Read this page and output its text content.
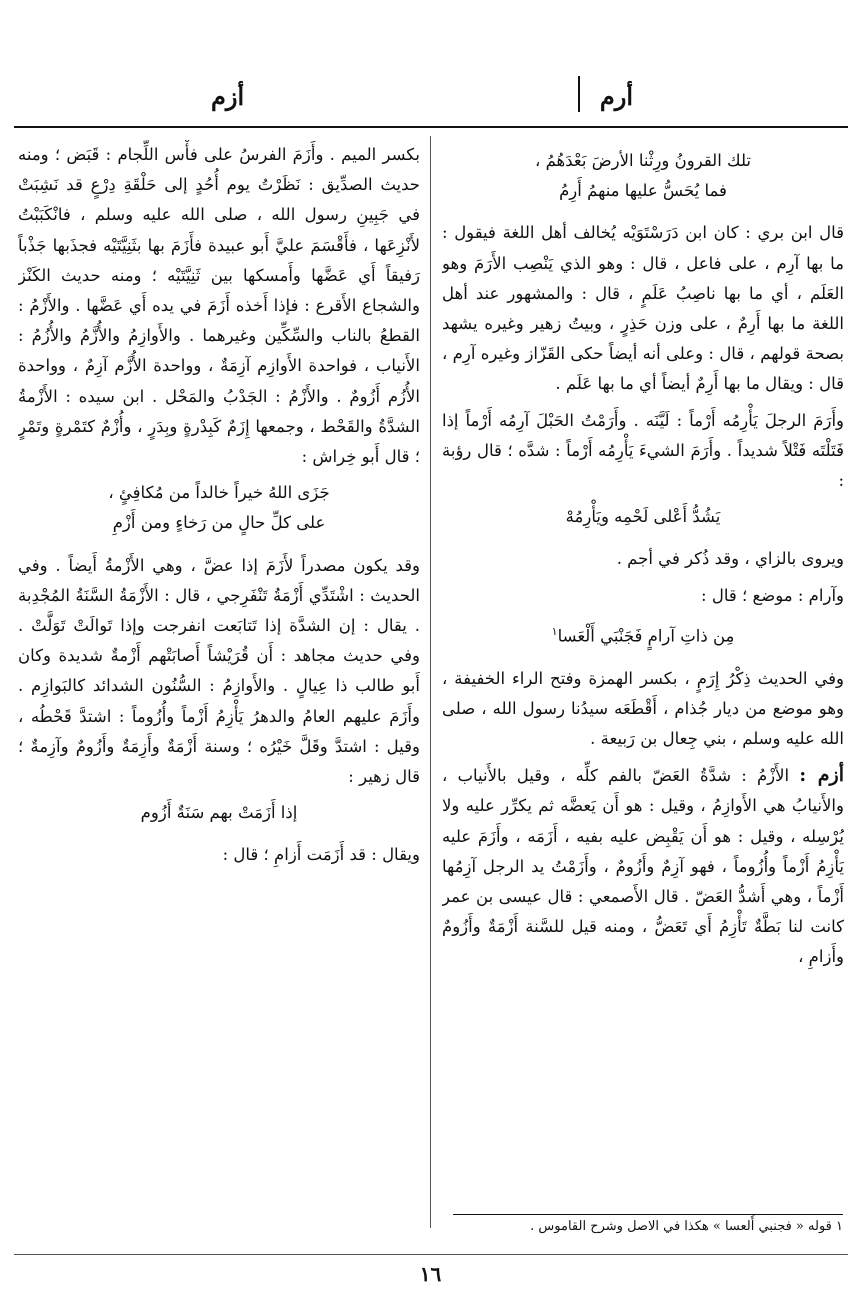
أرم
أزم
تلك القرونُ ورِثْنا الأرضَ بَعْدَهُمُ ،
فما يُحَسُّ عليها منهمُ أَرِمُ

قال ابن بري : كان ابن دَرَسْتَوَيْه يُخالف أهل اللغة فيقول : ما بها آرِم ، على فاعل ، قال : وهو الذي يَنْصِب الأَرَمَ وهو العَلَم ، أي ما بها ناصِبُ عَلَمٍ ، قال : والمشهور عند أهل اللغة ما بها أَرِمٌ ، على وزن حَذِرٍ ، وبيتُ زهير وغيره يشهد بصحة قولهم ، قال : وعلى أنه أيضاً حكى القَزّاز وغيره آرِم ، قال : ويقال ما بها أَرِمٌ أيضاً أي ما بها عَلَم .

وأَرَمَ الرجلَ يَأْرِمُه أَرْماً : لَيَّنَه . وأَرَمْتُ الحَبْلَ آرِمُه أَرْماً إذا فَتَلْتَه فَتْلاً شديداً . وأَرَمَ الشيءَ يَأْرِمُه أَرْماً : شدَّه ؛ قال رؤبة :

يَشُدُّ أَعْلى لَحْمِه ويَأْرِمُهْ

ويروى بالزاي ، وقد ذُكر في أجم .

وآرام : موضع ؛ قال :

مِن ذاتِ آرامٍ فَجَنْبَي أَلْعَسا$^١$

وفي الحديث ذِكْرُ إِرَمٍ ، بكسر الهمزة وفتح الراء الخفيفة ، وهو موضع من ديار جُذام ، أَقْطَعَه سيدُنا رسول الله ، صلى الله عليه وسلم ، بني جِعال بن رَبيعة .

أزم : الأَزْمُ : شدَّةُ العَضّ بالفم كلِّه ، وقيل بالأَنياب ، والأَنيابُ هي الأَوازِمُ ، وقيل : هو أَن يَعضَّه ثم يكرِّر عليه ولا يُرْسِله ، وقيل : هو أَن يَقْبِض عليه بفيه ، أَزَمَه ، وأَزَمَ عليه يَأْزِمُ أَزْماً وأُزُوماً ، فهو آزِمٌ وأَزُومٌ ، وأَزَمْتُ يد الرجل آزِمُها أَزْماً ، وهي أَشدُّ العَضّ . قال الأَصمعي : قال عيسى بن عمر كانت لنا بَطَّةٌ تَأْزِمُ أَي تَعَضُّ ، ومنه قيل للسَّنة أَزْمَةٌ وأَزُومٌ وأَزامِ ،

١ قوله « فجنبي أَلعسا » هكذا في الاصل وشرح القاموس .

بكسر الميم . وأَزَمَ الفرسُ على فأْس اللِّجام : قَبَض ؛ ومنه حديث الصدِّيق : نَظَرْتُ يوم أُحُدٍ إلى حَلْقَةِ دِرْعٍ قد نَشِبَتْ في جَبِينِ رسول الله ، صلى الله عليه وسلم ، فانْكَبَبْتُ لأَنْزِعَها ، فأَقْسَمَ عليَّ أَبو عبيدة فأَزَمَ بها بثَنِيَّتَيْه فجذَبها جَذْباً رَفيقاً أَي عَضَّها وأَمسكها بين ثَنِيَّتَيْه ؛ ومنه حديث الكَنْز والشجاع الأَقرع : فإذا أَخذه أَزَمَ في يده أَي عَضَّها . والأَزْمُ : القطعُ بالناب والسِّكِّين وغيرهما . والأَوازِمُ والأُزَّمُ والأُزُمُ : الأَنياب ، فواحدة الأَوازِم آزِمَةٌ ، وواحدة الأُزَّم آزِمٌ ، وواحدة الأُزُم أَزُومٌ . والأَزْمُ : الجَدْبُ والمَحْل . ابن سيده : الأَزْمةُ الشدَّةُ والقَحْط ، وجمعها إِزَمٌ كَبِدْرةٍ وبِدَرٍ ، وأُزْمٌ كتَمْرةٍ وتَمْرٍ ؛ قال أَبو خِراش :

جَزَى اللهُ خيراً خالداً من مُكافِئٍ ،
على كلِّ حالٍ من رَخاءٍ ومن أَزْمِ

وقد يكون مصدراً لأَزَمَ إذا عضَّ ، وهي الأَزْمةُ أَيضاً . وفي الحديث : اشْتَدِّي أَزْمَةُ تَنْفَرِجي ، قال : الأَزْمَةُ السَّنَةُ المُجْدِبة . يقال : إن الشدَّة إذا تَتابَعت انفرجت وإذا تَوالَتْ تَوَلَّتْ . وفي حديث مجاهد : أَن قُرَيْشاً أَصابَتْهم أَزْمةٌ شديدة وكان أَبو طالب ذا عِيالٍ . والأَوازِمُ : السُّنُون الشدائد كالبَوازِم . وأَزَمَ عليهم العامُ والدهرُ يَأْزِمُ أَزْماً وأُزُوماً : اشتدَّ قَحْطُه ، وقيل : اشتدَّ وقَلَّ خَيْرُه ؛ وسنة أَزْمَةٌ وأَزِمَةٌ وأَزُومٌ وآزِمةٌ ؛ قال زهير :

إذا أَزَمَتْ بهم سَنَةٌ أَزُوم

ويقال : قد أَزَمَت أَزامِ ؛ قال :

١٦
